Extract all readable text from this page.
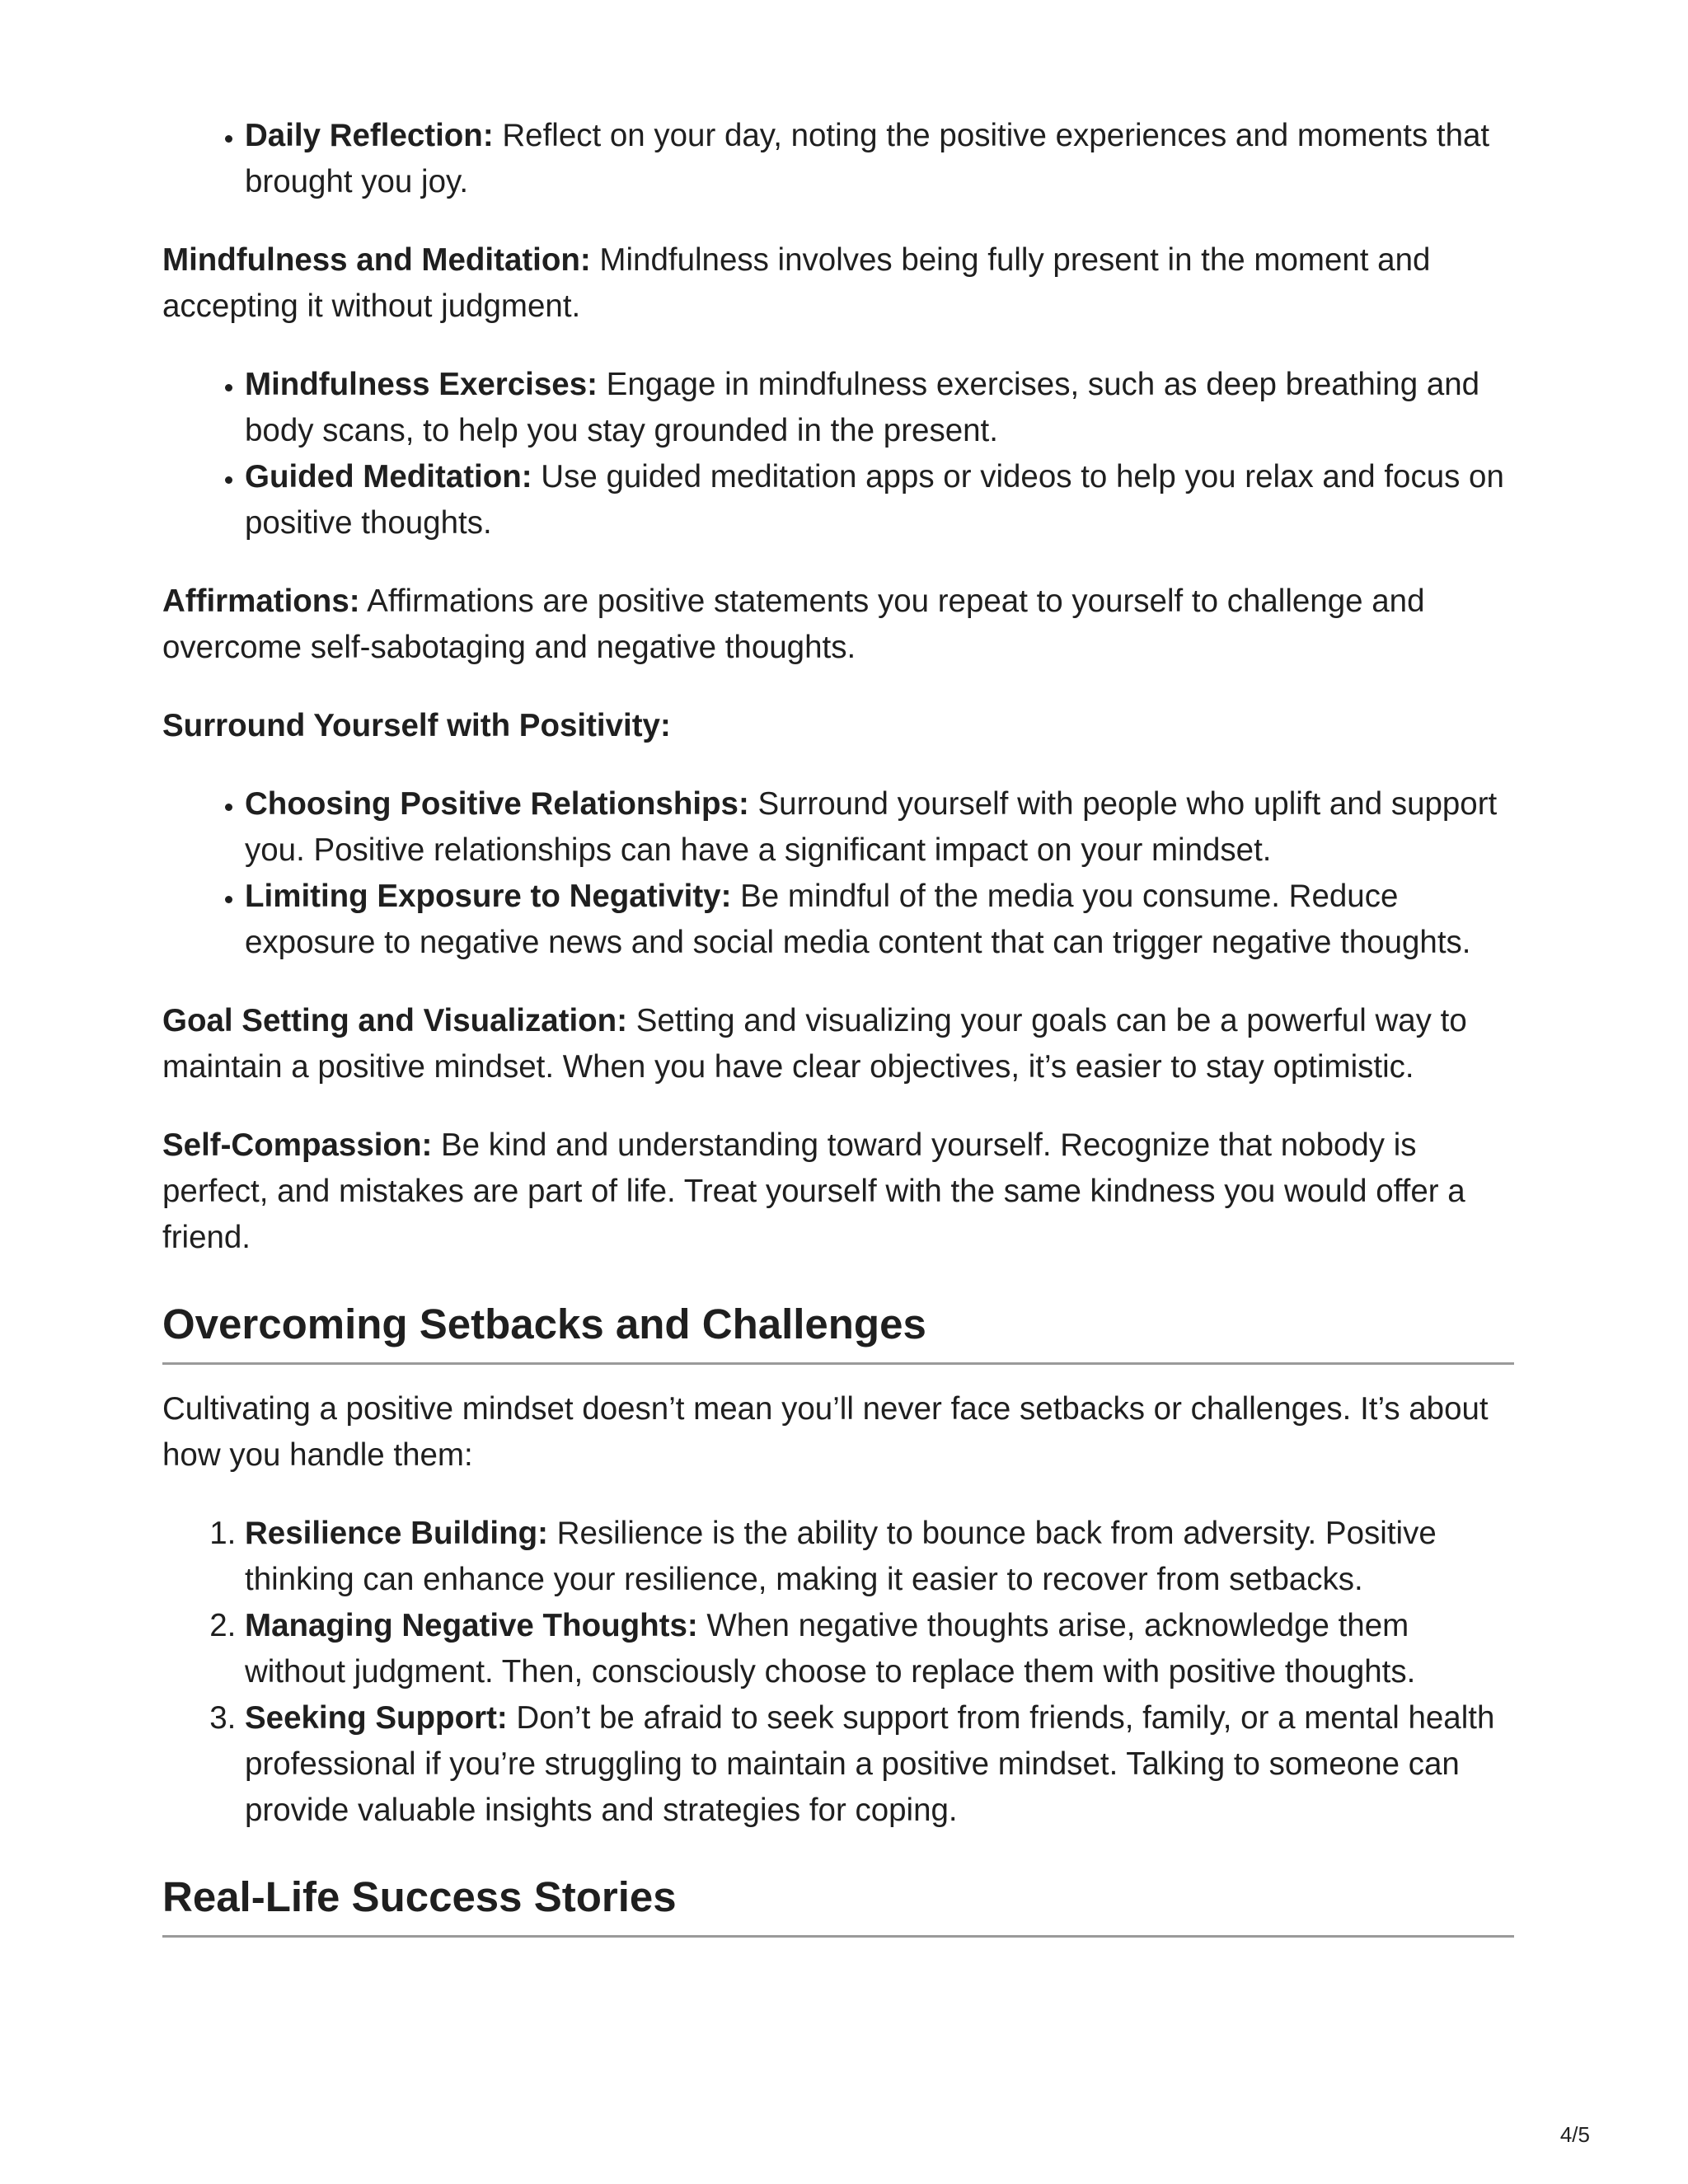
• Daily Reflection: Reflect on your day, noting the positive experiences and moments that brought you joy.

Mindfulness and Meditation: Mindfulness involves being fully present in the moment and accepting it without judgment.

• Mindfulness Exercises: Engage in mindfulness exercises, such as deep breathing and body scans, to help you stay grounded in the present.
• Guided Meditation: Use guided meditation apps or videos to help you relax and focus on positive thoughts.

Affirmations: Affirmations are positive statements you repeat to yourself to challenge and overcome self-sabotaging and negative thoughts.

Surround Yourself with Positivity:

• Choosing Positive Relationships: Surround yourself with people who uplift and support you. Positive relationships can have a significant impact on your mindset.
• Limiting Exposure to Negativity: Be mindful of the media you consume. Reduce exposure to negative news and social media content that can trigger negative thoughts.

Goal Setting and Visualization: Setting and visualizing your goals can be a powerful way to maintain a positive mindset. When you have clear objectives, it’s easier to stay optimistic.

Self-Compassion: Be kind and understanding toward yourself. Recognize that nobody is perfect, and mistakes are part of life. Treat yourself with the same kindness you would offer a friend.

Overcoming Setbacks and Challenges

Cultivating a positive mindset doesn’t mean you’ll never face setbacks or challenges. It’s about how you handle them:

1. Resilience Building: Resilience is the ability to bounce back from adversity. Positive thinking can enhance your resilience, making it easier to recover from setbacks.
2. Managing Negative Thoughts: When negative thoughts arise, acknowledge them without judgment. Then, consciously choose to replace them with positive thoughts.
3. Seeking Support: Don’t be afraid to seek support from friends, family, or a mental health professional if you’re struggling to maintain a positive mindset. Talking to someone can provide valuable insights and strategies for coping.
Real-Life Success Stories
4/5
